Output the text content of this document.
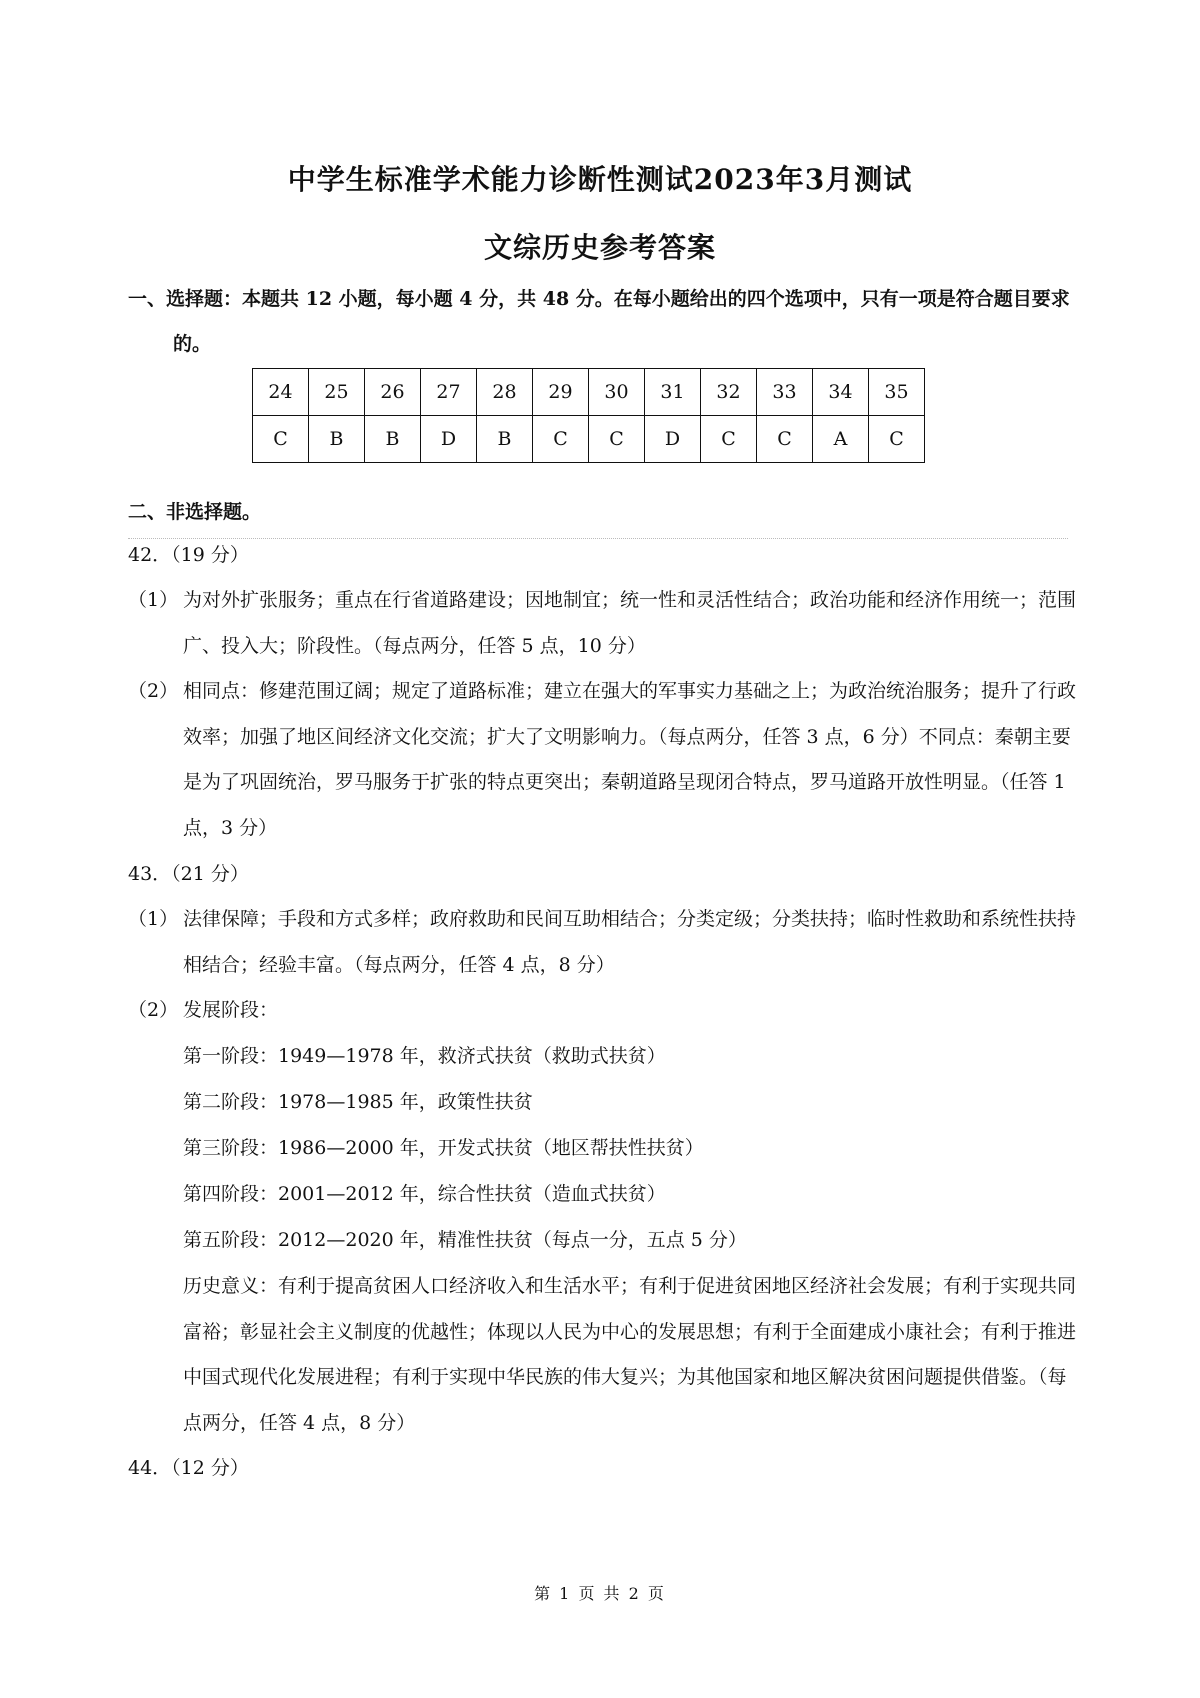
中学生标准学术能力诊断性测试2023年3月测试
文综历史参考答案
一、选择题：本题共 12 小题，每小题 4 分，共 48 分。在每小题给出的四个选项中，只有一项是符合题目要求的。
24	25	26	27	28	29	30	31	32	33	34	35
C	B	B	D	B	C	C	D	C	C	A	C
二、非选择题。
42．（19 分）
（1） 为对外扩张服务；重点在行省道路建设；因地制宜；统一性和灵活性结合；政治功能和经济作用统一；范围广、投入大；阶段性。（每点两分，任答 5 点，10 分）
（2） 相同点：修建范围辽阔；规定了道路标准；建立在强大的军事实力基础之上；为政治统治服务；提升了行政效率；加强了地区间经济文化交流；扩大了文明影响力。（每点两分，任答 3 点，6 分）不同点：秦朝主要是为了巩固统治，罗马服务于扩张的特点更突出；秦朝道路呈现闭合特点，罗马道路开放性明显。（任答 1 点，3 分）
43．（21 分）
（1） 法律保障；手段和方式多样；政府救助和民间互助相结合；分类定级；分类扶持；临时性救助和系统性扶持相结合；经验丰富。（每点两分，任答 4 点，8 分）
（2） 发展阶段：
第一阶段：1949—1978 年，救济式扶贫（救助式扶贫）
第二阶段：1978—1985 年，政策性扶贫
第三阶段：1986—2000 年，开发式扶贫（地区帮扶性扶贫）
第四阶段：2001—2012 年，综合性扶贫（造血式扶贫）
第五阶段：2012—2020 年，精准性扶贫（每点一分，五点 5 分）
历史意义：有利于提高贫困人口经济收入和生活水平；有利于促进贫困地区经济社会发展；有利于实现共同富裕；彰显社会主义制度的优越性；体现以人民为中心的发展思想；有利于全面建成小康社会；有利于推进中国式现代化发展进程；有利于实现中华民族的伟大复兴；为其他国家和地区解决贫困问题提供借鉴。（每点两分，任答 4 点，8 分）
44．（12 分）
第 1 页 共 2 页
